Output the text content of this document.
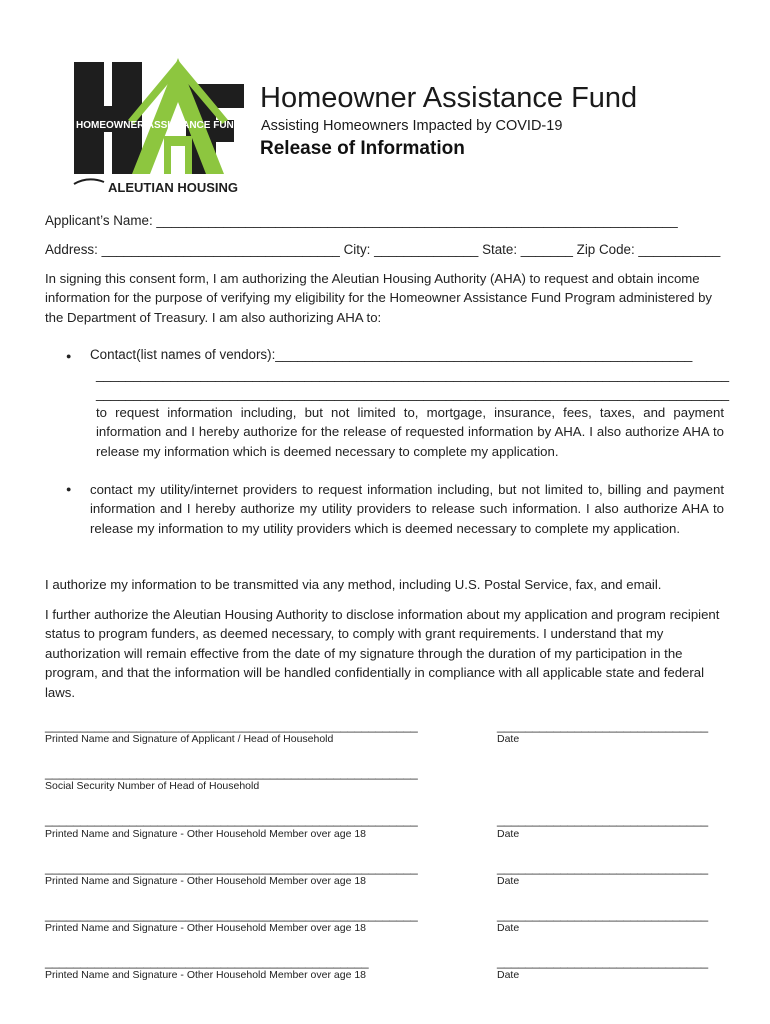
HOMEOWNER ASSISTANCE FUND
ALEUTIAN HOUSING
Homeowner Assistance Fund
Assisting Homeowners Impacted by COVID-19
Release of Information
Applicant’s Name: ______________________________________________________________________
Address: ________________________________ City: ______________ State: _______ Zip Code: ___________
In signing this consent form, I am authorizing the Aleutian Housing Authority (AHA) to request and obtain income information for the purpose of verifying my eligibility for the Homeowner Assistance Fund Program administered by the Department of Treasury. I am also authorizing AHA to:
● Contact(list names of vendors):________________________________________________________
_____________________________________________________________________________________
_____________________________________________________________________________________
to request information including, but not limited to, mortgage, insurance, fees, taxes, and payment information and I hereby authorize for the release of requested information by AHA. I also authorize AHA to release my information which is deemed necessary to complete my application.
● contact my utility/internet providers to request information including, but not limited to, billing and payment information and I hereby authorize my utility providers to release such information. I also authorize AHA to release my information to my utility providers which is deemed necessary to complete my application.
I authorize my information to be transmitted via any method, including U.S. Postal Service, fax, and email.
I further authorize the Aleutian Housing Authority to disclose information about my application and program recipient status to program funders, as deemed necessary, to comply with grant requirements. I understand that my authorization will remain effective from the date of my signature through the duration of my participation in the program, and that the information will be handled confidentially in compliance with all applicable state and federal laws.
_____________________________________________________
Printed Name and Signature of Applicant / Head of Household
______________________________
Date
_____________________________________________________
Social Security Number of Head of Household
_____________________________________________________
Printed Name and Signature - Other Household Member over age 18
______________________________
Date
_____________________________________________________
Printed Name and Signature - Other Household Member over age 18
______________________________
Date
_____________________________________________________
Printed Name and Signature - Other Household Member over age 18
______________________________
Date
______________________________________________
Printed Name and Signature - Other Household Member over age 18
______________________________
Date
